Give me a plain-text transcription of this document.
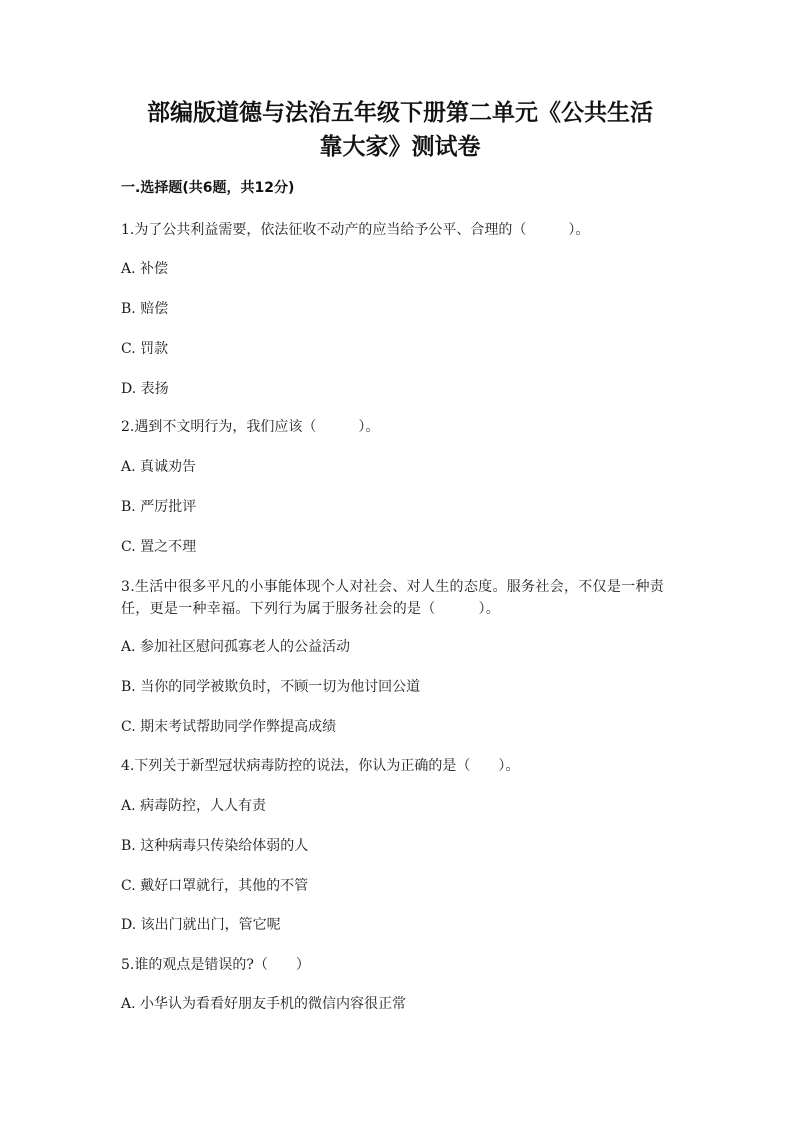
部编版道德与法治五年级下册第二单元《公共生活
靠大家》测试卷

一.选择题(共6题，共12分)

1.为了公共利益需要，依法征收不动产的应当给予公平、合理的（　　　）。

A. 补偿

B. 赔偿

C. 罚款

D. 表扬

2.遇到不文明行为，我们应该（　　　）。

A. 真诚劝告

B. 严厉批评

C. 置之不理

3.生活中很多平凡的小事能体现个人对社会、对人生的态度。服务社会，不仅是一种责任，更是一种幸福。下列行为属于服务社会的是（　　　）。

A. 参加社区慰问孤寡老人的公益活动

B. 当你的同学被欺负时，不顾一切为他讨回公道

C. 期末考试帮助同学作弊提高成绩

4.下列关于新型冠状病毒防控的说法，你认为正确的是（　　）。

A. 病毒防控，人人有责

B. 这种病毒只传染给体弱的人

C. 戴好口罩就行，其他的不管

D. 该出门就出门，管它呢

5.谁的观点是错误的?（　　）

A. 小华认为看看好朋友手机的微信内容很正常
